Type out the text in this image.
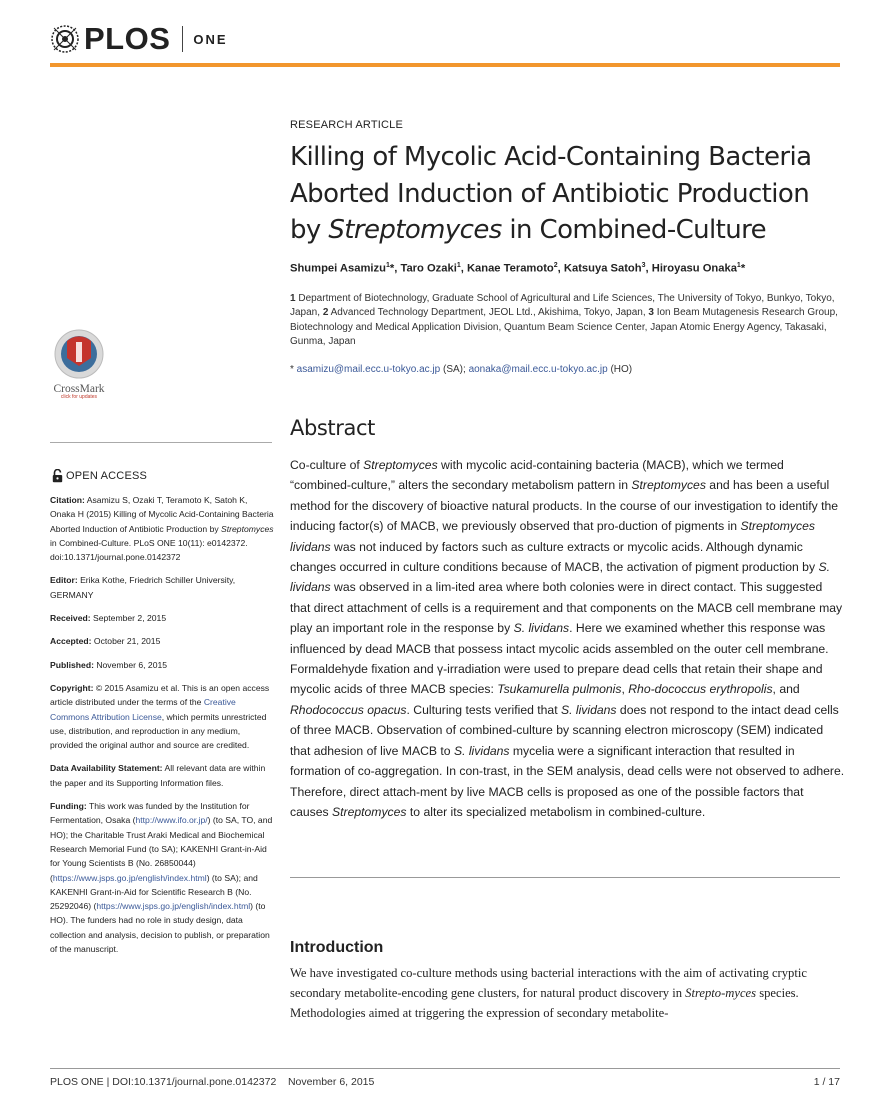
PLOS ONE
CrossMark
click for updates
RESEARCH ARTICLE
Killing of Mycolic Acid-Containing Bacteria
Aborted Induction of Antibiotic Production
by Streptomyces in Combined-Culture
Shumpei Asamizu$^1$*, Taro Ozaki$^1$, Kanae Teramoto$^2$, Katsuya Satoh$^3$, Hiroyasu Onaka$^1$*
1 Department of Biotechnology, Graduate School of Agricultural and Life Sciences, The University of Tokyo, Bunkyo, Tokyo, Japan, 2 Advanced Technology Department, JEOL Ltd., Akishima, Tokyo, Japan, 3 Ion Beam Mutagenesis Research Group, Biotechnology and Medical Application Division, Quantum Beam Science Center, Japan Atomic Energy Agency, Takasaki, Gunma, Japan
* asamizu@mail.ecc.u-tokyo.ac.jp (SA); aonaka@mail.ecc.u-tokyo.ac.jp (HO)
Abstract
Co-culture of Streptomyces with mycolic acid-containing bacteria (MACB), which we termed “combined-culture,” alters the secondary metabolism pattern in Streptomyces and has been a useful method for the discovery of bioactive natural products. In the course of our investigation to identify the inducing factor(s) of MACB, we previously observed that pro-duction of pigments in Streptomyces lividans was not induced by factors such as culture extracts or mycolic acids. Although dynamic changes occurred in culture conditions because of MACB, the activation of pigment production by S. lividans was observed in a lim-ited area where both colonies were in direct contact. This suggested that direct attachment of cells is a requirement and that components on the MACB cell membrane may play an important role in the response by S. lividans. Here we examined whether this response was influenced by dead MACB that possess intact mycolic acids assembled on the outer cell membrane. Formaldehyde fixation and γ-irradiation were used to prepare dead cells that retain their shape and mycolic acids of three MACB species: Tsukamurella pulmonis, Rho-dococcus erythropolis, and Rhodococcus opacus. Culturing tests verified that S. lividans does not respond to the intact dead cells of three MACB. Observation of combined-culture by scanning electron microscopy (SEM) indicated that adhesion of live MACB to S. lividans mycelia were a significant interaction that resulted in formation of co-aggregation. In con-trast, in the SEM analysis, dead cells were not observed to adhere. Therefore, direct attach-ment by live MACB cells is proposed as one of the possible factors that causes Streptomyces to alter its specialized metabolism in combined-culture.
OPEN ACCESS

Citation: Asamizu S, Ozaki T, Teramoto K, Satoh K, Onaka H (2015) Killing of Mycolic Acid-Containing Bacteria Aborted Induction of Antibiotic Production by Streptomyces in Combined-Culture. PLoS ONE 10(11): e0142372. doi:10.1371/journal.pone.0142372

Editor: Erika Kothe, Friedrich Schiller University, GERMANY

Received: September 2, 2015

Accepted: October 21, 2015

Published: November 6, 2015

Copyright: © 2015 Asamizu et al. This is an open access article distributed under the terms of the Creative Commons Attribution License, which permits unrestricted use, distribution, and reproduction in any medium, provided the original author and source are credited.

Data Availability Statement: All relevant data are within the paper and its Supporting Information files.

Funding: This work was funded by the Institution for Fermentation, Osaka (http://www.ifo.or.jp/) (to SA, TO, and HO); the Charitable Trust Araki Medical and Biochemical Research Memorial Fund (to SA); KAKENHI Grant-in-Aid for Young Scientists B (No. 26850044) (https://www.jsps.go.jp/english/index.html) (to SA); and KAKENHI Grant-in-Aid for Scientific Research B (No. 25292046) (https://www.jsps.go.jp/english/index.html) (to HO). The funders had no role in study design, data collection and analysis, decision to publish, or preparation of the manuscript.	Introduction
We have investigated co-culture methods using bacterial interactions with the aim of activating cryptic secondary metabolite-encoding gene clusters, for natural product discovery in Strepto-myces species. Methodologies aimed at triggering the expression of secondary metabolite-
PLOS ONE | DOI:10.1371/journal.pone.0142372    November 6, 2015	1 / 17
